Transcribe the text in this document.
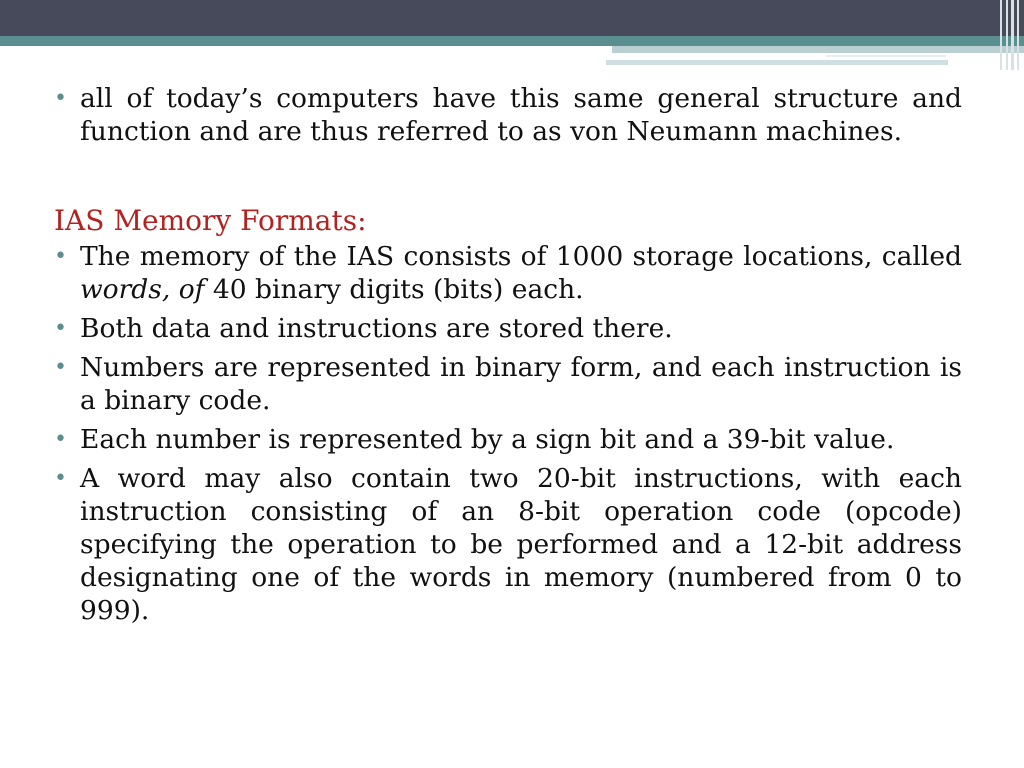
• all of today’s computers have this same general structure and function and are thus referred to as von Neumann machines.
IAS Memory Formats:
• The memory of the IAS consists of 1000 storage locations, called words, of 40 binary digits (bits) each.
• Both data and instructions are stored there.
• Numbers are represented in binary form, and each instruction is a binary code.
• Each number is represented by a sign bit and a 39-bit value.
• A word may also contain two 20-bit instructions, with each instruction consisting of an 8-bit operation code (opcode) specifying the operation to be performed and a 12-bit address designating one of the words in memory (numbered from 0 to 999).
